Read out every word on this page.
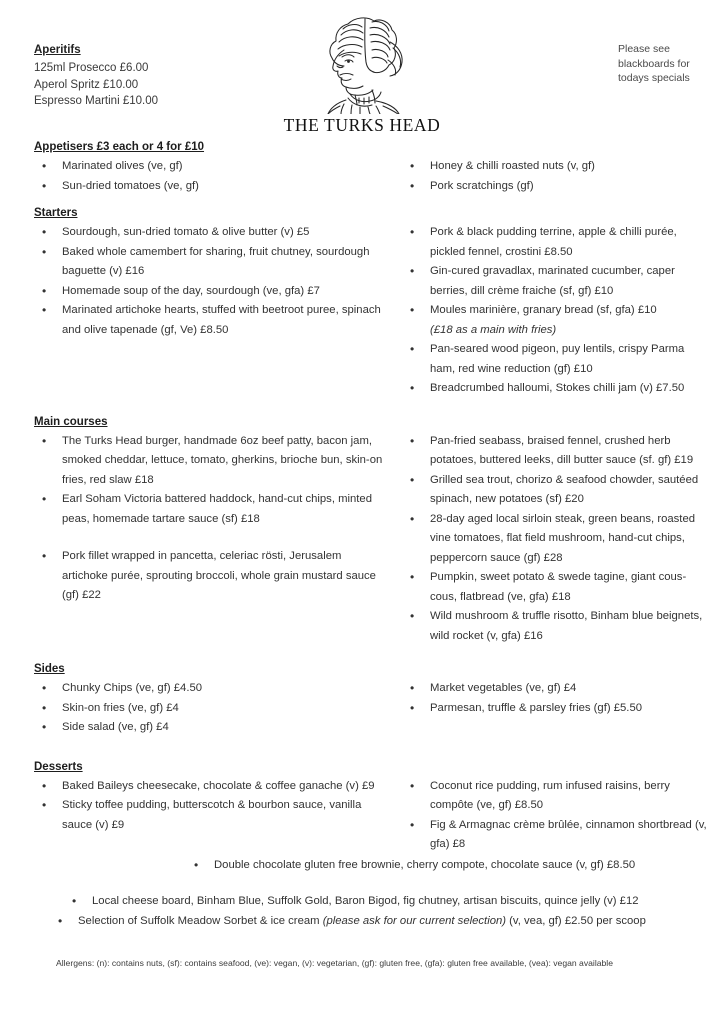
Aperitifs
125ml Prosecco £6.00
Aperol Spritz £10.00
Espresso Martini £10.00
THE TURKS HEAD
Please see blackboards for todays specials
Appetisers £3 each or 4 for £10
• Marinated olives (ve, gf)
• Sun-dried tomatoes (ve, gf)
• Honey & chilli roasted nuts (v, gf)
• Pork scratchings (gf)
Starters
• Sourdough, sun-dried tomato & olive butter (v) £5
• Baked whole camembert for sharing, fruit chutney, sourdough baguette (v) £16
• Homemade soup of the day, sourdough (ve, gfa) £7
• Marinated artichoke hearts, stuffed with beetroot puree, spinach and olive tapenade (gf, Ve) £8.50
• Pork & black pudding terrine, apple & chilli purée, pickled fennel, crostini £8.50
• Gin-cured gravadlax, marinated cucumber, caper berries, dill crème fraiche (sf, gf) £10
• Moules marinière, granary bread (sf, gfa) £10
(£18 as a main with fries)
• Pan-seared wood pigeon, puy lentils, crispy Parma ham, red wine reduction (gf) £10
• Breadcrumbed halloumi, Stokes chilli jam (v) £7.50
Main courses
• The Turks Head burger, handmade 6oz beef patty, bacon jam, smoked cheddar, lettuce, tomato, gherkins, brioche bun, skin-on fries, red slaw £18
• Earl Soham Victoria battered haddock, hand-cut chips, minted peas, homemade tartare sauce (sf) £18
• Pork fillet wrapped in pancetta, celeriac rösti, Jerusalem artichoke purée, sprouting broccoli, whole grain mustard sauce (gf) £22
• Pan-fried seabass, braised fennel, crushed herb potatoes, buttered leeks, dill butter sauce (sf. gf) £19
• Grilled sea trout, chorizo & seafood chowder, sautéed spinach, new potatoes (sf) £20
• 28-day aged local sirloin steak, green beans, roasted vine tomatoes, flat field mushroom, hand-cut chips, peppercorn sauce (gf) £28
• Pumpkin, sweet potato & swede tagine, giant cous-cous, flatbread (ve, gfa) £18
• Wild mushroom & truffle risotto, Binham blue beignets, wild rocket (v, gfa) £16
Sides
• Chunky Chips (ve, gf) £4.50
• Skin-on fries (ve, gf) £4
• Side salad (ve, gf) £4
• Market vegetables (ve, gf) £4
• Parmesan, truffle & parsley fries (gf) £5.50
Desserts
• Baked Baileys cheesecake, chocolate & coffee ganache (v) £9
• Sticky toffee pudding, butterscotch & bourbon sauce, vanilla sauce (v) £9
• Coconut rice pudding, rum infused raisins, berry compôte (ve, gf) £8.50
• Fig & Armagnac crème brûlée, cinnamon shortbread (v, gfa) £8
• Double chocolate gluten free brownie, cherry compote, chocolate sauce (v, gf) £8.50
• Local cheese board, Binham Blue, Suffolk Gold, Baron Bigod, fig chutney, artisan biscuits, quince jelly (v) £12
• Selection of Suffolk Meadow Sorbet & ice cream (please ask for our current selection) (v, vea, gf) £2.50 per scoop
Allergens: (n): contains nuts, (sf): contains seafood, (ve): vegan, (v): vegetarian, (gf): gluten free, (gfa): gluten free available, (vea): vegan available
